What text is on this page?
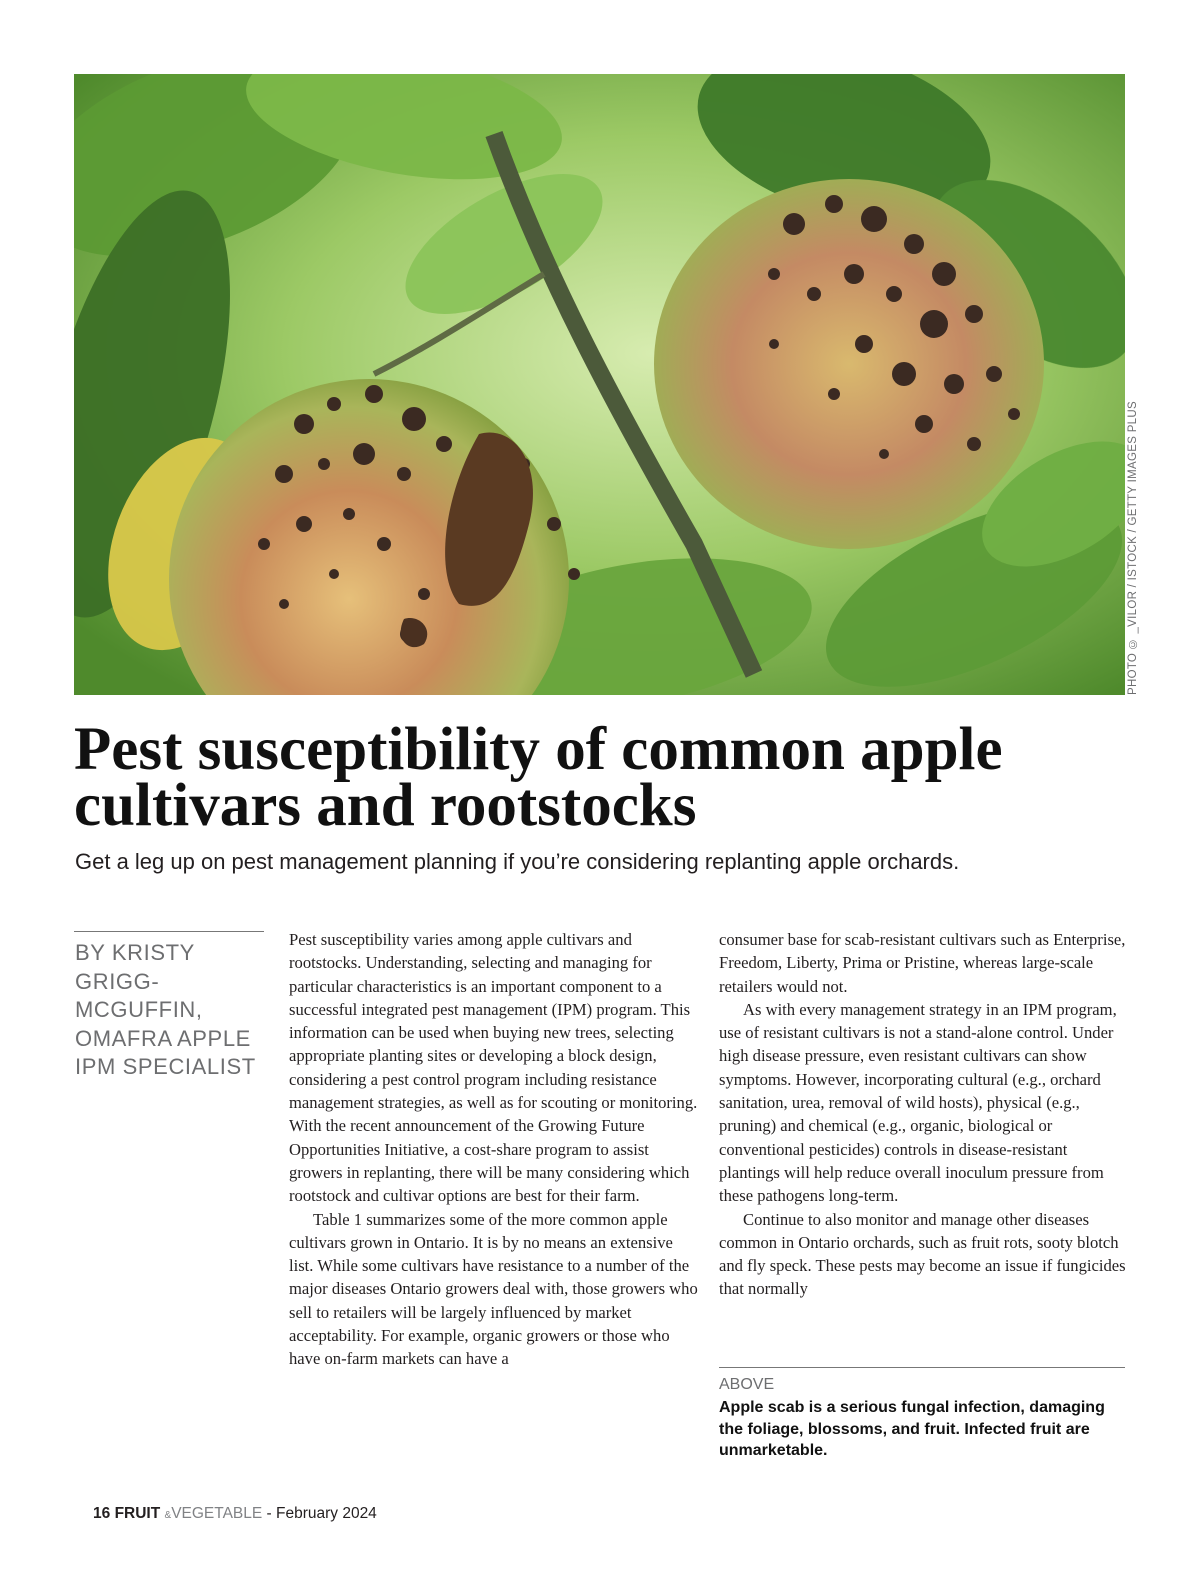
PHOTO © _VILOR / ISTOCK / GETTY IMAGES PLUS
Pest susceptibility of common apple cultivars and rootstocks

Get a leg up on pest management planning if you’re considering replanting apple orchards.

BY KRISTY GRIGG-MCGUFFIN, OMAFRA APPLE IPM SPECIALIST

Pest susceptibility varies among apple cultivars and rootstocks. Understanding, selecting and managing for particular characteristics is an important component to a successful integrated pest management (IPM) program. This information can be used when buying new trees, selecting appropriate planting sites or developing a block design, considering a pest control program including resistance management strategies, as well as for scouting or monitoring. With the recent announcement of the Growing Future Opportunities Initiative, a cost-share program to assist growers in replanting, there will be many considering which rootstock and cultivar options are best for their farm.

Table 1 summarizes some of the more common apple cultivars grown in Ontario. It is by no means an extensive list. While some cultivars have resistance to a number of the major diseases Ontario growers deal with, those growers who sell to retailers will be largely influenced by market acceptability. For example, organic growers or those who have on-farm markets can have a

consumer base for scab-resistant cultivars such as Enterprise, Freedom, Liberty, Prima or Pristine, whereas large-scale retailers would not.

As with every management strategy in an IPM program, use of resistant cultivars is not a stand-alone control. Under high disease pressure, even resistant cultivars can show symptoms. However, incorporating cultural (e.g., orchard sanitation, urea, removal of wild hosts), physical (e.g., pruning) and chemical (e.g., organic, biological or conventional pesticides) controls in disease-resistant plantings will help reduce overall inoculum pressure from these pathogens long-term.

Continue to also monitor and manage other diseases common in Ontario orchards, such as fruit rots, sooty blotch and fly speck. These pests may become an issue if fungicides that normally

ABOVE

Apple scab is a serious fungal infection, damaging the foliage, blossoms, and fruit. Infected fruit are unmarketable.

16 FRUIT &VEGETABLE - February 2024
